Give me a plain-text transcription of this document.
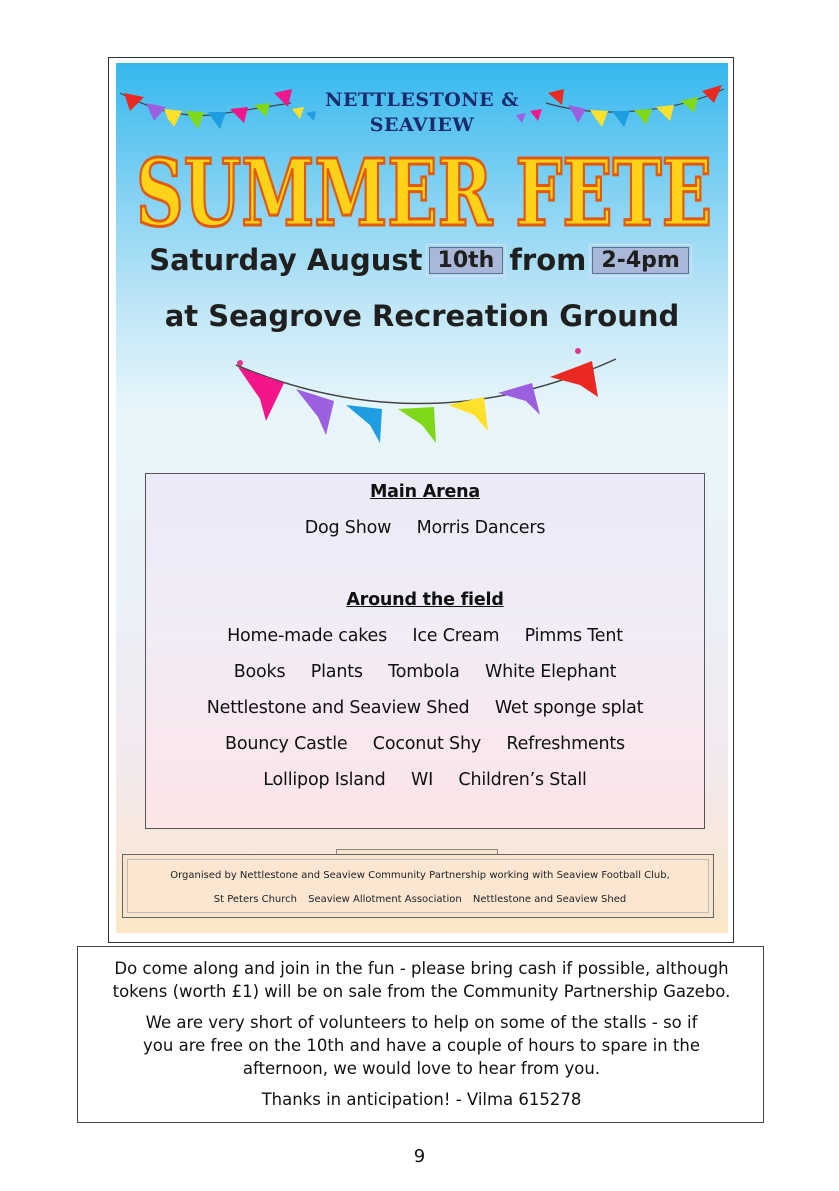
NETTLESTONE &
SEAVIEW
SUMMER FETE
Saturday August 10th from 2-4pm
at Seagrove Recreation Ground
Main Arena
Dog Show Morris Dancers
Around the field
Home-made cakes Ice Cream Pimms Tent
Books Plants Tombola White Elephant
Nettlestone and Seaview Shed Wet sponge splat
Bouncy Castle Coconut Shy Refreshments
Lollipop Island WI Children’s Stall
Organised by Nettlestone and Seaview Community Partnership working with Seaview Football Club,
St Peters Church Seaview Allotment Association Nettlestone and Seaview Shed
Do come along and join in the fun - please bring cash if possible, although
tokens (worth £1) will be on sale from the Community Partnership Gazebo.
We are very short of volunteers to help on some of the stalls - so if
you are free on the 10th and have a couple of hours to spare in the
afternoon, we would love to hear from you.
Thanks in anticipation! - Vilma 615278
9
